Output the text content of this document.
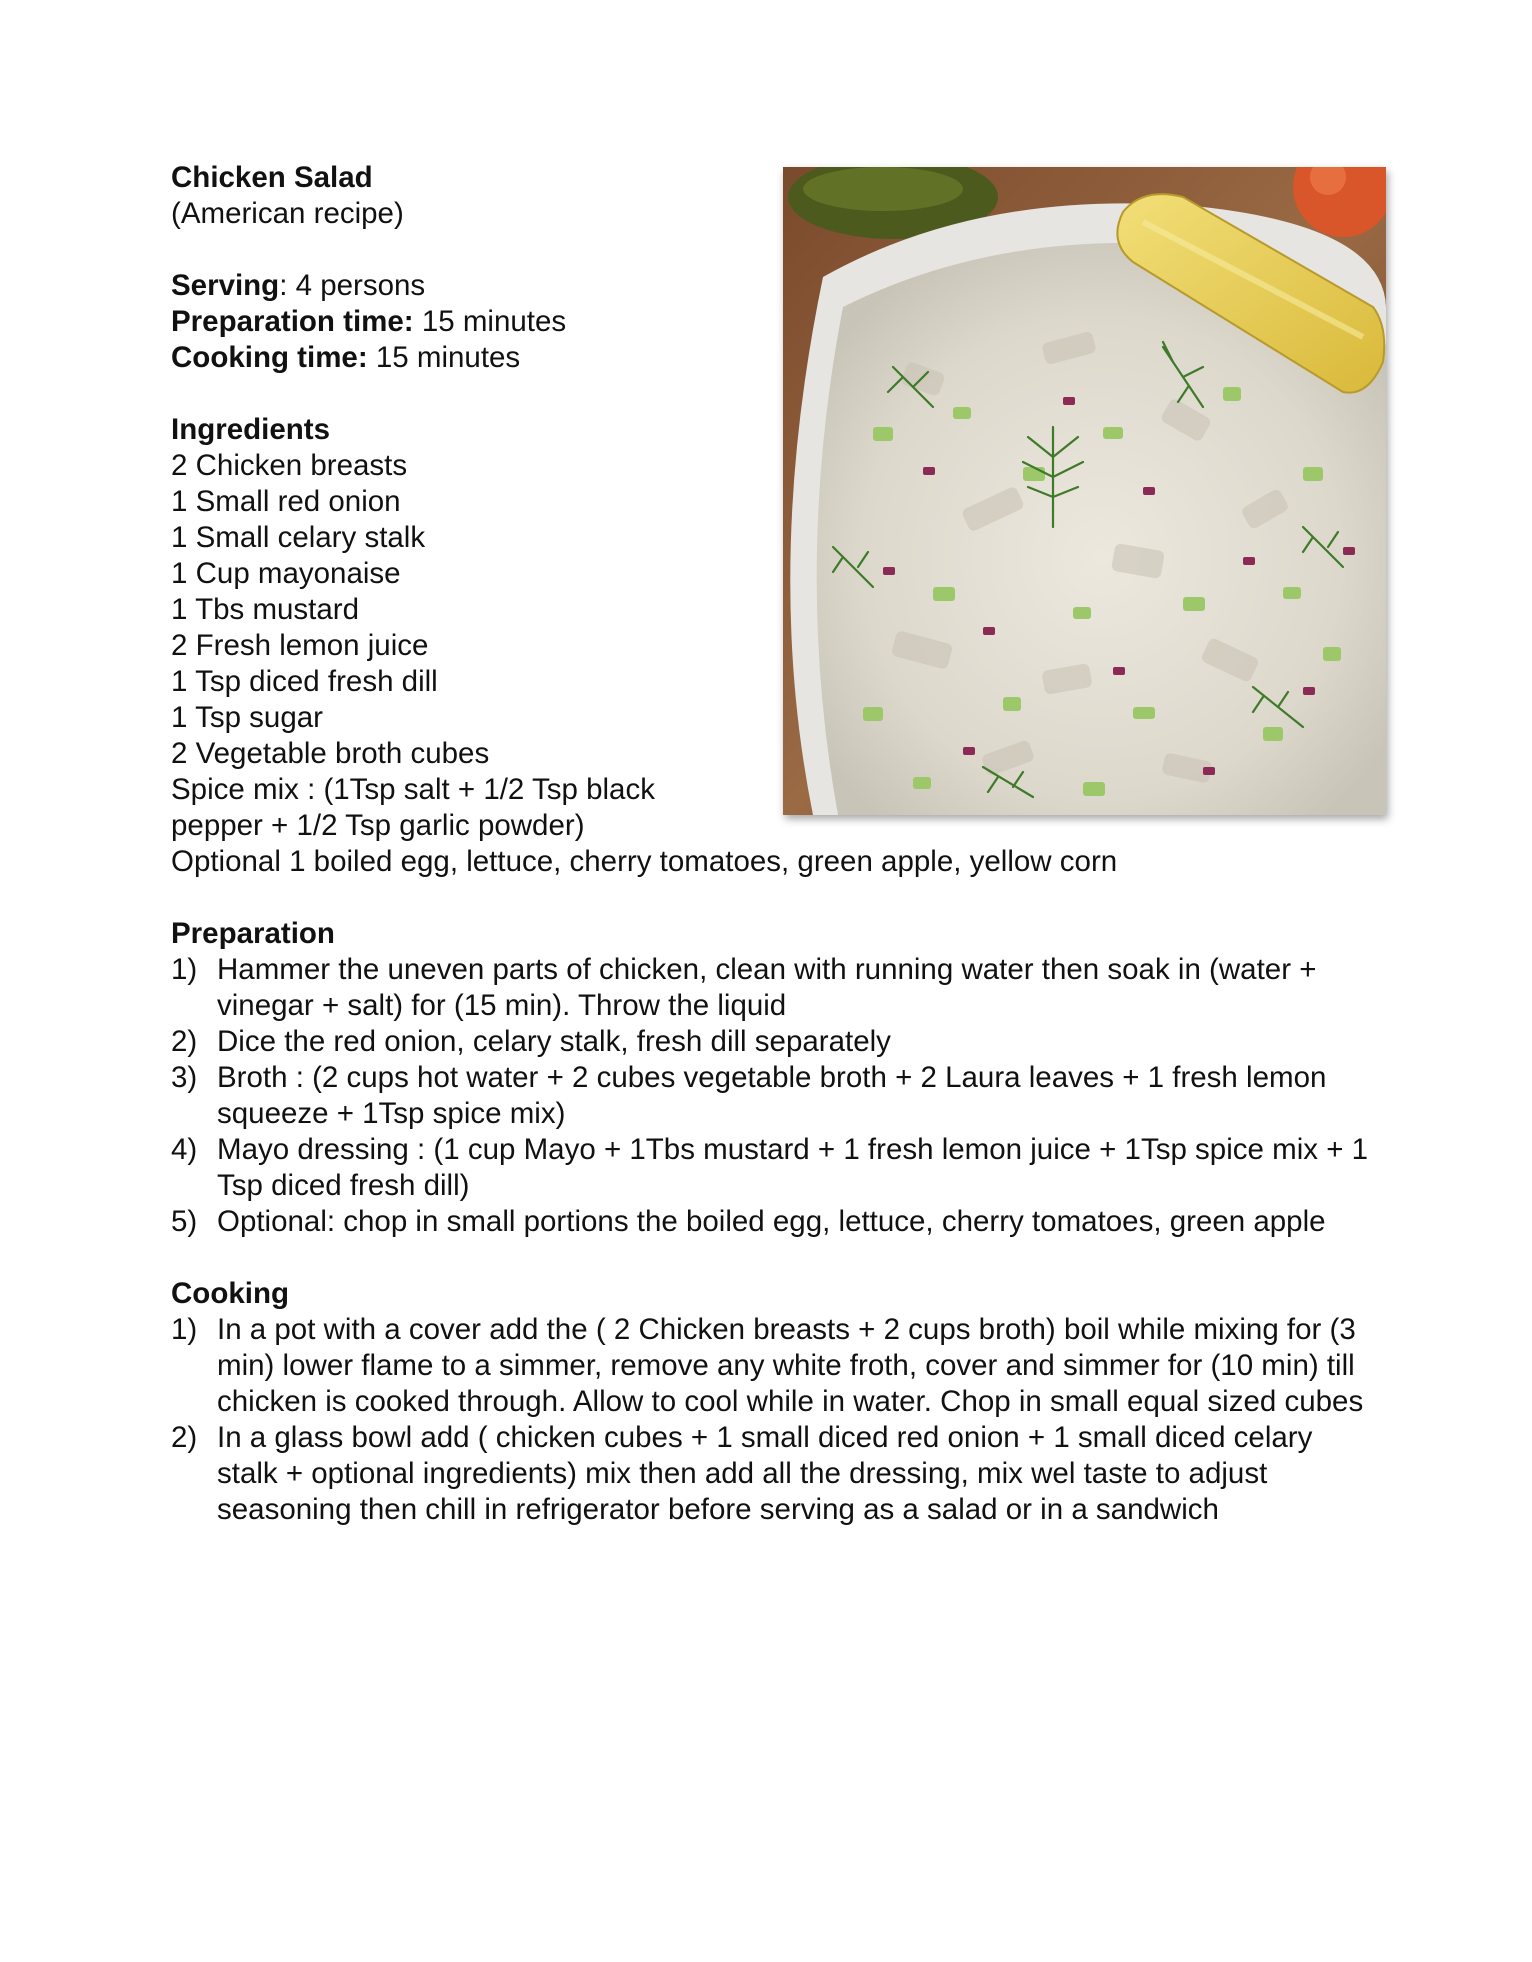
Chicken Salad
(American recipe)
Serving: 4 persons
Preparation time: 15 minutes
Cooking time: 15 minutes
Ingredients
2 Chicken breasts
1 Small red onion
1 Small celary stalk
1 Cup mayonaise
1 Tbs mustard
2 Fresh lemon juice
1 Tsp diced fresh dill
1 Tsp sugar
2 Vegetable broth cubes
Spice mix : (1Tsp salt + 1/2 Tsp black pepper + 1/2 Tsp garlic powder)
Optional 1 boiled egg, lettuce, cherry tomatoes, green apple, yellow corn
Preparation
1) Hammer the uneven parts of chicken, clean with running water then soak in (water + vinegar + salt) for (15 min). Throw the liquid
2) Dice the red onion, celary stalk, fresh dill separately
3) Broth : (2 cups hot water + 2 cubes vegetable broth + 2 Laura leaves + 1 fresh lemon squeeze + 1Tsp spice mix)
4) Mayo dressing : (1 cup Mayo + 1Tbs mustard + 1 fresh lemon juice + 1Tsp spice mix + 1 Tsp diced fresh dill)
5) Optional: chop in small portions the boiled egg, lettuce, cherry tomatoes, green apple
Cooking
1) In a pot with a cover add the ( 2 Chicken breasts + 2 cups broth) boil while mixing for (3 min) lower flame to a simmer, remove any white froth, cover and simmer for (10 min) till chicken is cooked through. Allow to cool while in water. Chop in small equal sized cubes
2) In a glass bowl add ( chicken cubes + 1 small diced red onion + 1 small diced celary stalk + optional ingredients) mix then add all the dressing, mix wel taste to adjust seasoning then chill in refrigerator before serving as a salad or in a sandwich
